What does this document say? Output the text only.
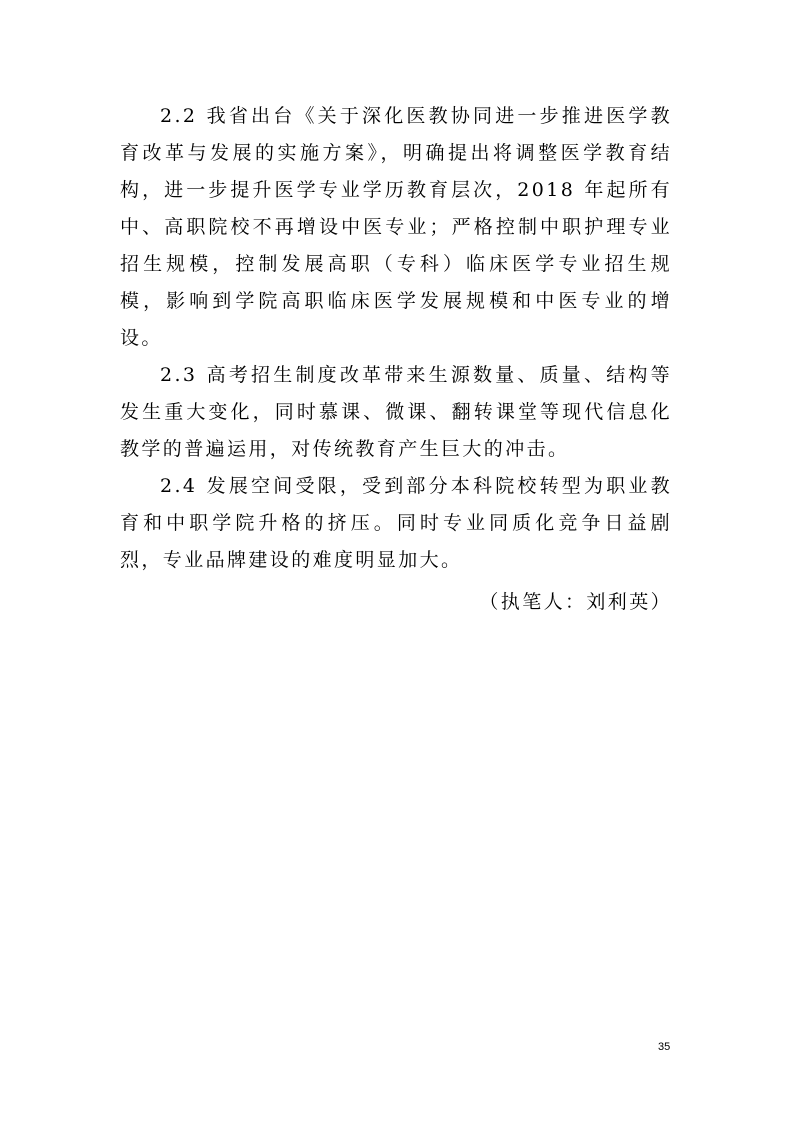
2.2 我省出台《关于深化医教协同进一步推进医学教育改革与发展的实施方案》，明确提出将调整医学教育结构，进一步提升医学专业学历教育层次，2018 年起所有中、高职院校不再增设中医专业；严格控制中职护理专业招生规模，控制发展高职（专科）临床医学专业招生规模，影响到学院高职临床医学发展规模和中医专业的增设。

2.3 高考招生制度改革带来生源数量、质量、结构等发生重大变化，同时慕课、微课、翻转课堂等现代信息化教学的普遍运用，对传统教育产生巨大的冲击。

2.4 发展空间受限，受到部分本科院校转型为职业教育和中职学院升格的挤压。同时专业同质化竞争日益剧烈，专业品牌建设的难度明显加大。

（执笔人：刘利英）

35
